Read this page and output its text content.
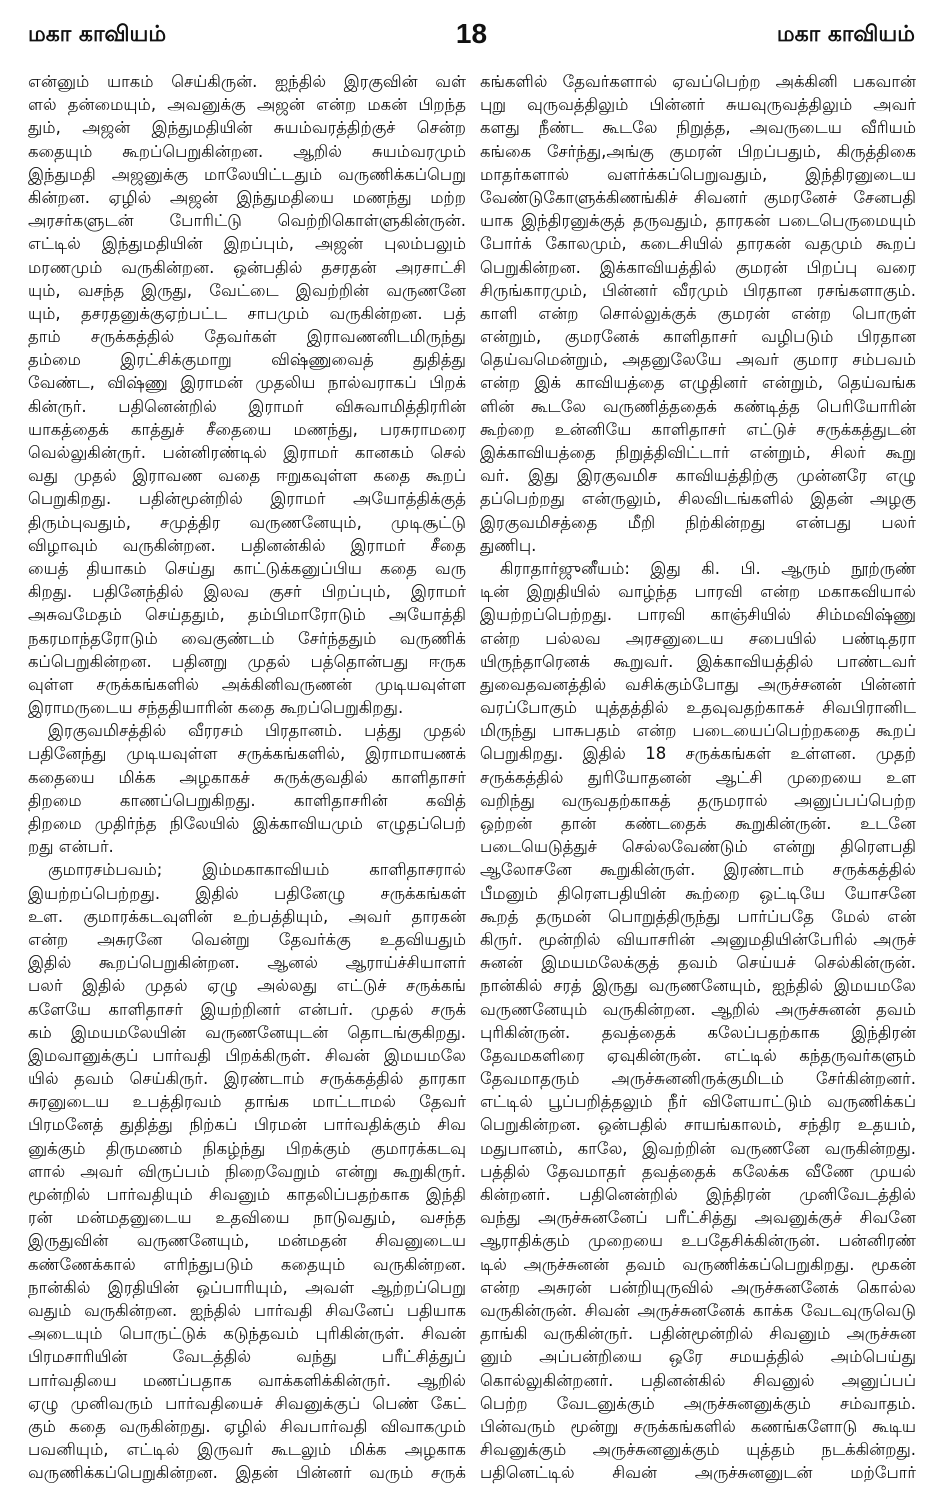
மகா காவியம்	18	மகா காவியம்
என்னும் யாகம் செய்கிருன். ஐந்தில் இரகுவின் வள்
ளல் தன்மையும், அவனுக்கு அஜன் என்ற மகன் பிறந்த
தும், அஜன் இந்துமதியின் சுயம்வரத்திற்குச் சென்ற
கதையும் கூறப்பெறுகின்றன. ஆறில் சுயம்வரமும்
இந்துமதி அஜனுக்கு மாலேயிட்டதும் வருணிக்கப்பெறு
கின்றன. ஏழில் அஜன் இந்துமதியை மணந்து மற்ற
அரசர்களுடன் போரிட்டு வெற்றிகொள்ளுகின்ருன்.
எட்டில் இந்துமதியின் இறப்பும், அஜன் புலம்பலும்
மரணமும் வருகின்றன. ஒன்பதில் தசரதன் அரசாட்சி
யும், வசந்த இருது, வேட்டை இவற்றின் வருணனே
யும், தசரதனுக்குஏற்பட்ட சாபமும் வருகின்றன. பத்
தாம் சருக்கத்தில் தேவர்கள் இராவணனிடமிருந்து
தம்மை இரட்சிக்குமாறு விஷ்ணுவைத் துதித்து
வேண்ட, விஷ்ணு இராமன் முதலிய நால்வராகப் பிறக்
கின்ருர். பதினென்றில் இராமர் விசுவாமித்திரரின்
யாகத்தைக் காத்துச் சீதையை மணந்து, பரசுராமரை
வெல்லுகின்ருர். பன்னிரண்டில் இராமர் கானகம் செல்
வது முதல் இராவண வதை ஈறுகவுள்ள கதை கூறப்
பெறுகிறது. பதின்மூன்றில் இராமர் அயோத்திக்குத்
திரும்புவதும், சமுத்திர வருணனேயும், முடிசூட்டு
விழாவும் வருகின்றன. பதினன்கில் இராமர் சீதை
யைத் தியாகம் செய்து காட்டுக்கனுப்பிய கதை வரு
கிறது. பதினேந்தில் இலவ குசர் பிறப்பும், இராமர்
அசுவமேதம் செய்ததும், தம்பிமாரோடும் அயோத்தி
நகரமாந்தரோடும் வைகுண்டம் சேர்ந்ததும் வருணிக்
கப்பெறுகின்றன. பதினறு முதல் பத்தொன்பது ஈருக
வுள்ள சருக்கங்களில் அக்கினிவருணன் முடியவுள்ள
இராமருடைய சந்ததியாரின் கதை கூறப்பெறுகிறது.
இரகுவமிசத்தில் வீரரசம் பிரதானம். பத்து முதல்
பதினேந்து முடியவுள்ள சருக்கங்களில், இராமாயணக்
கதையை மிக்க அழகாகச் சுருக்குவதில் காளிதாசர்
திறமை காணப்பெறுகிறது. காளிதாசரின் கவித்
திறமை முதிர்ந்த நிலேயில் இக்காவியமும் எழுதப்பெற்
றது என்பர்.
குமாரசம்பவம்; இம்மகாகாவியம் காளிதாசரால்
இயற்றப்பெற்றது. இதில் பதினேழு சருக்கங்கள்
உள. குமாரக்கடவுளின் உற்பத்தியும், அவர் தாரகன்
என்ற அசுரனே வென்று தேவர்க்கு உதவியதும்
இதில் கூறப்பெறுகின்றன. ஆனல் ஆராய்ச்சியாளர்
பலர் இதில் முதல் ஏழு அல்லது எட்டுச் சருக்கங்
களேயே காளிதாசர் இயற்றினர் என்பர். முதல் சருக்
கம் இமயமலேயின் வருணனேயுடன் தொடங்குகிறது.
இமவானுக்குப் பார்வதி பிறக்கிருள். சிவன் இமயமலே
யில் தவம் செய்கிருர். இரண்டாம் சருக்கத்தில் தாரகா
சுரனுடைய உபத்திரவம் தாங்க மாட்டாமல் தேவர்
பிரமனேத் துதித்து நிற்கப் பிரமன் பார்வதிக்கும் சிவ
னுக்கும் திருமணம் நிகழ்ந்து பிறக்கும் குமாரக்கடவு
ளால் அவர் விருப்பம் நிறைவேறும் என்று கூறுகிருர்.
மூன்றில் பார்வதியும் சிவனும் காதலிப்பதற்காக இந்தி
ரன் மன்மதனுடைய உதவியை நாடுவதும், வசந்த
இருதுவின் வருணனேயும், மன்மதன் சிவனுடைய
கண்ணேக்கால் எரிந்துபடும் கதையும் வருகின்றன.
நான்கில் இரதியின் ஒப்பாரியும், அவள் ஆற்றப்பெறு
வதும் வருகின்றன. ஐந்தில் பார்வதி சிவனேப் பதியாக
அடையும் பொருட்டுக் கடுந்தவம் புரிகின்ருள். சிவன்
பிரமசாரியின் வேடத்தில் வந்து பரீட்சித்துப்
பார்வதியை மணப்பதாக வாக்களிக்கின்ருர். ஆறில்
ஏழு முனிவரும் பார்வதியைச் சிவனுக்குப் பெண் கேட்
கும் கதை வருகின்றது. ஏழில் சிவபார்வதி விவாகமும்
பவனியும், எட்டில் இருவர் கூடலும் மிக்க அழகாக
வருணிக்கப்பெறுகின்றன. இதன் பின்னர் வரும் சருக்
கங்களில் தேவர்களால் ஏவப்பெற்ற அக்கினி பகவான்
புறு வுருவத்திலும் பின்னர் சுயவுருவத்திலும் அவர்
களது நீண்ட கூடலே நிறுத்த, அவருடைய வீரியம்
கங்கை சேர்ந்து,அங்கு குமரன் பிறப்பதும், கிருத்திகை
மாதர்களால் வளர்க்கப்பெறுவதும், இந்திரனுடைய
வேண்டுகோளுக்கிணங்கிச் சிவனர் குமரனேச் சேனபதி
யாக இந்திரனுக்குத் தருவதும், தாரகன் படைபெருமையும்
போர்க் கோலமும், கடைசியில் தாரகன் வதமும் கூறப்
பெறுகின்றன. இக்காவியத்தில் குமரன் பிறப்பு வரை
சிருங்காரமும், பின்னர் வீரமும் பிரதான ரசங்களாகும்.
காளி என்ற சொல்லுக்குக் குமரன் என்ற பொருள்
என்றும், குமரனேக் காளிதாசர் வழிபடும் பிரதான
தெய்வமென்றும், அதனுலேயே அவர் குமார சம்பவம்
என்ற இக் காவியத்தை எழுதினர் என்றும், தெய்வங்க
ளின் கூடலே வருணித்ததைக் கண்டித்த பெரியோரின்
கூற்றை உன்னியே காளிதாசர் எட்டுச் சருக்கத்துடன்
இக்காவியத்தை நிறுத்திவிட்டார் என்றும், சிலர் கூறு
வர். இது இரகுவமிச காவியத்திற்கு முன்னரே எழு
தப்பெற்றது என்ருலும், சிலவிடங்களில் இதன் அழகு
இரகுவமிசத்தை மீறி நிற்கின்றது என்பது பலர்
துணிபு.
கிராதார்ஜுனீயம்: இது கி. பி. ஆரும் நூற்ருண்
டின் இறுதியில் வாழ்ந்த பாரவி என்ற மகாகவியால்
இயற்றப்பெற்றது. பாரவி காஞ்சியில் சிம்மவிஷ்ணு
என்ற பல்லவ அரசனுடைய சபையில் பண்டிதரா
யிருந்தாரெனக் கூறுவர். இக்காவியத்தில் பாண்டவர்
துவைதவனத்தில் வசிக்கும்போது அருச்சனன் பின்னர்
வரப்போகும் யுத்தத்தில் உதவுவதற்காகச் சிவபிரானிட
மிருந்து பாசுபதம் என்ற படையைப்பெற்றகதை கூறப்
பெறுகிறது. இதில் 18 சருக்கங்கள் உள்ளன. முதற்
சருக்கத்தில் துரியோதனன் ஆட்சி முறையை உள
வறிந்து வருவதற்காகத் தருமரால் அனுப்பப்பெற்ற
ஒற்றன் தான் கண்டதைக் கூறுகின்ருன். உடனே
படையெடுத்துச் செல்லவேண்டும் என்று திரௌபதி
ஆலோசனே கூறுகின்ருள். இரண்டாம் சருக்கத்தில்
பீமனும் திரௌபதியின் கூற்றை ஒட்டியே யோசனே
கூறத் தருமன் பொறுத்திருந்து பார்ப்பதே மேல் என்
கிருர். மூன்றில் வியாசரின் அனுமதியின்பேரில் அருச்
சுனன் இமயமலேக்குத் தவம் செய்யச் செல்கின்ருன்.
நான்கில் சரத் இருது வருணனேயும், ஐந்தில் இமயமலே
வருணனேயும் வருகின்றன. ஆறில் அருச்சுனன் தவம்
புரிகின்ருன். தவத்தைக் கலேப்பதற்காக இந்திரன்
தேவமகளிரை ஏவுகின்ருன். எட்டில் கந்தருவர்களும்
தேவமாதரும் அருச்சுனனிருக்குமிடம் சேர்கின்றனர்.
எட்டில் பூப்பறித்தலும் நீர் விளேயாட்டும் வருணிக்கப்
பெறுகின்றன. ஒன்பதில் சாயங்காலம், சந்திர உதயம்,
மதுபானம், காலே, இவற்றின் வருணனே வருகின்றது.
பத்தில் தேவமாதர் தவத்தைக் கலேக்க வீணே முயல்
கின்றனர். பதினென்றில் இந்திரன் முனிவேடத்தில்
வந்து அருச்சுனனேப் பரீட்சித்து அவனுக்குச் சிவனே
ஆராதிக்கும் முறையை உபதேசிக்கின்ருன். பன்னிரண்
டில் அருச்சுனன் தவம் வருணிக்கப்பெறுகிறது. மூகன்
என்ற அசுரன் பன்றியுருவில் அருச்சுனனேக் கொல்ல
வருகின்ருன். சிவன் அருச்சுனனேக் காக்க வேடவுருவெடு
தாங்கி வருகின்ருர். பதின்மூன்றில் சிவனும் அருச்சுன
னும் அப்பன்றியை ஒரே சமயத்தில் அம்பெய்து
கொல்லுகின்றனர். பதினன்கில் சிவனுல் அனுப்பப்
பெற்ற வேடனுக்கும் அருச்சுனனுக்கும் சம்வாதம்.
பின்வரும் மூன்று சருக்கங்களில் கணங்களோடு கூடிய
சிவனுக்கும் அருச்சுனனுக்கும் யுத்தம் நடக்கின்றது.
பதினெட்டில் சிவன் அருச்சுனனுடன் மற்போர்
